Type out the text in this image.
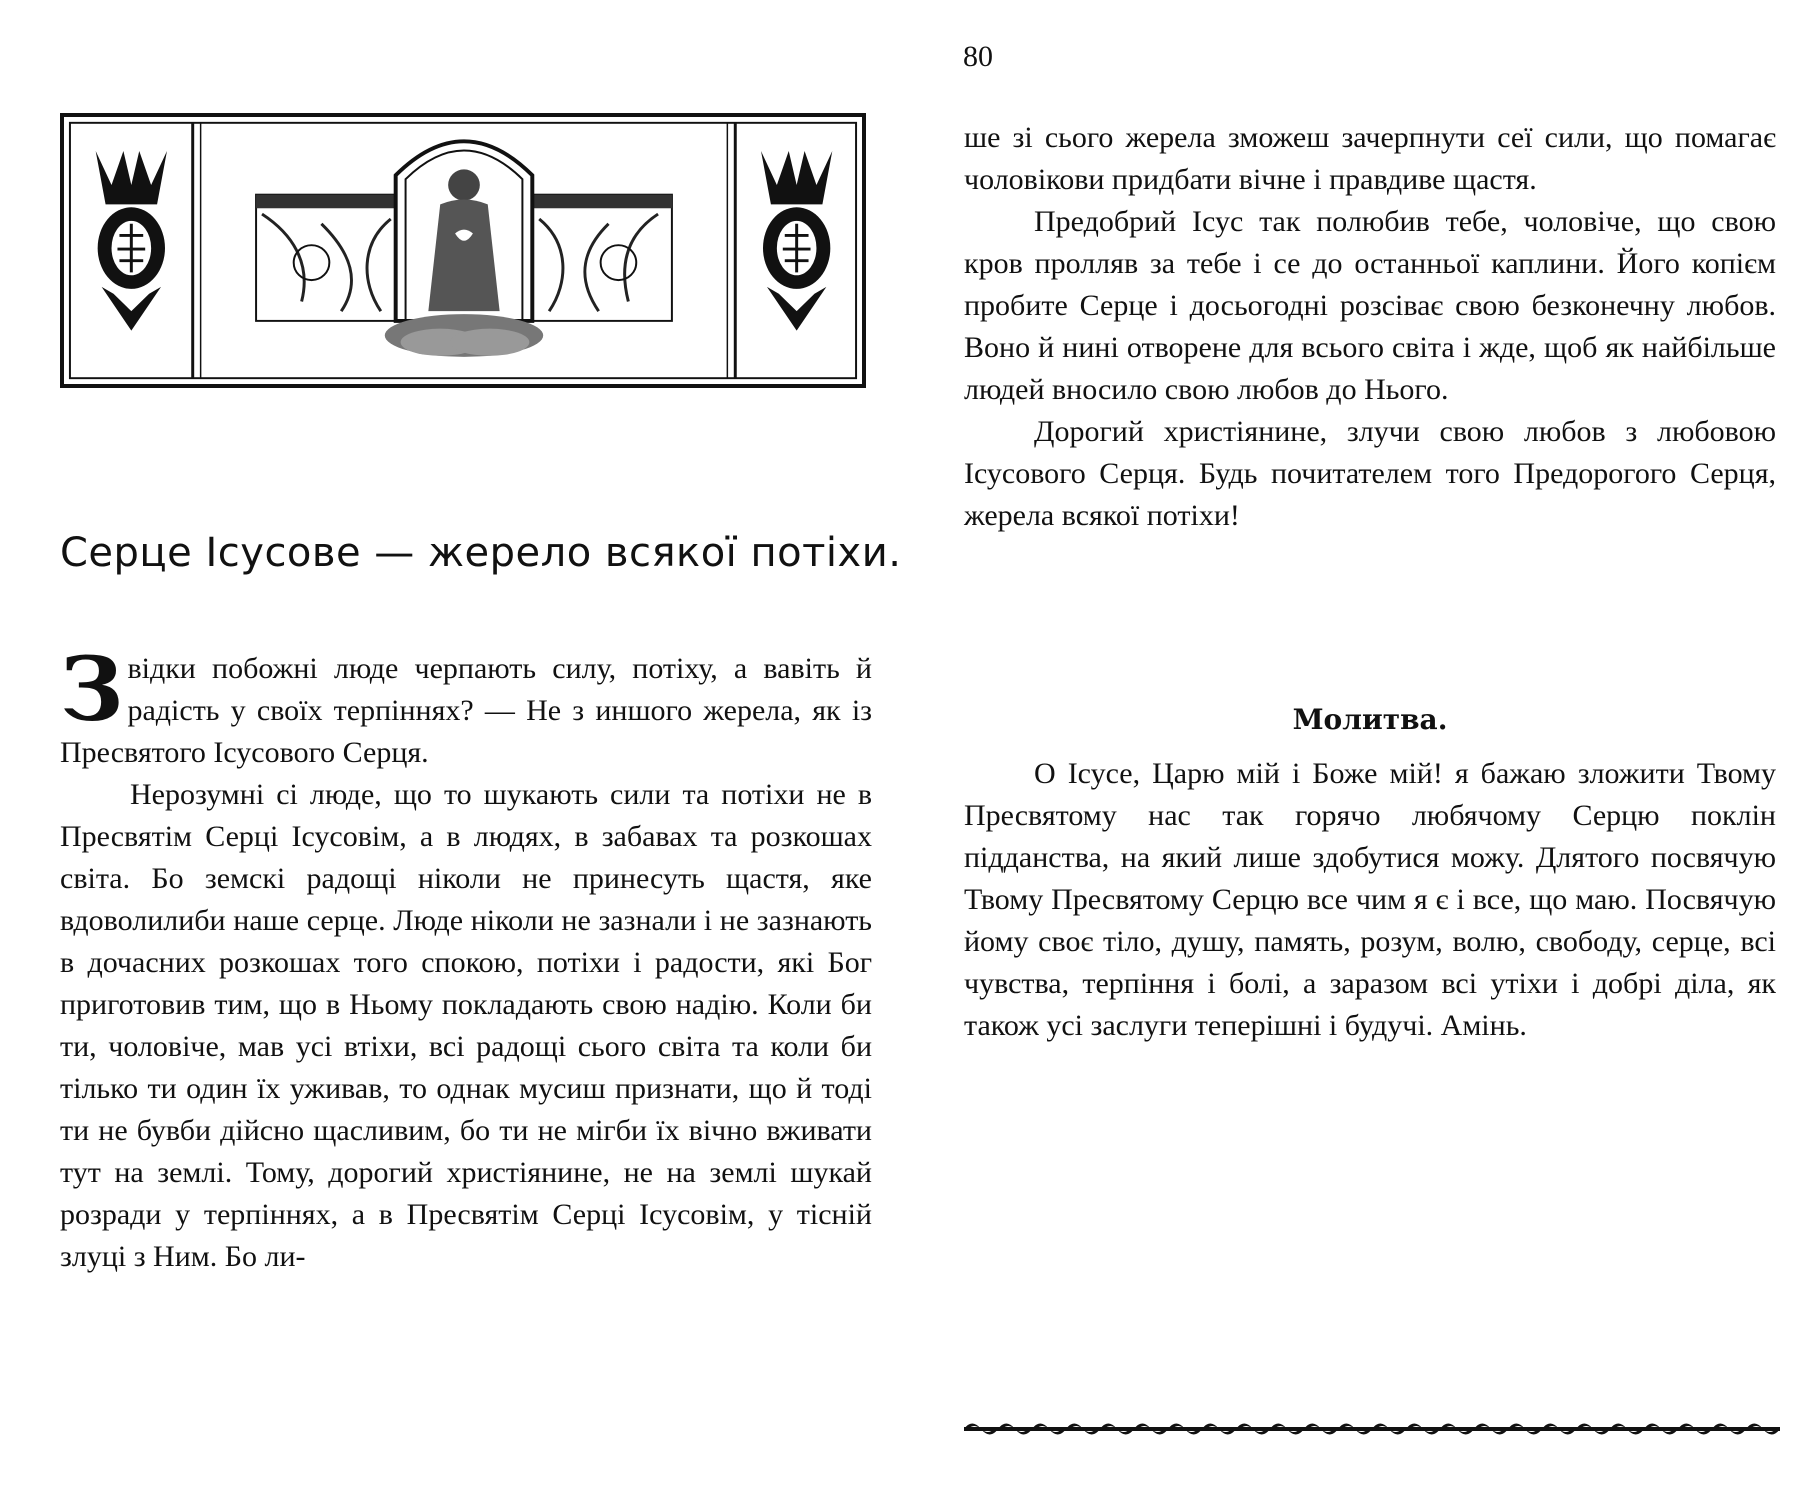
Серце Ісусове — жерело всякої потіхи.

Звідки побожні люде черпають силу, потіху, а вавіть й радість у своїх терпіннях? — Не з иншого жерела, як із Пресвятого Ісусового Серця.

Нерозумні сі люде, що то шукають сили та потіхи не в Пресвятім Серці Ісусовім, а в людях, в забавах та розкошах світа. Бо земскі радощі ніколи не принесуть щастя, яке вдоволилиби наше серце. Люде ніколи не зазнали і не зазнають в дочасних розкошах того спокою, потіхи і радости, які Бог приготовив тим, що в Ньому покладають свою надію. Коли би ти, чоловіче, мав усі втіхи, всі радощі сього світа та коли би тілько ти один їх уживав, то однак мусиш признати, що й тоді ти не бувби дійсно щасливим, бо ти не мігби їх вічно вживати тут на землі. Тому, дорогий христіянине, не на землі шукай розради у терпіннях, а в Пресвятім Серці Ісусовім, у тісній злуці з Ним. Бо ли-

80

ше зі сього жерела зможеш зачерпнути сеї сили, що помагає чоловікови придбати вічне і правдиве щастя.

Предобрий Ісус так полюбив тебе, чоловіче, що свою кров пролляв за тебе і се до останньої каплини. Його копієм пробите Серце і досьогодні розсіває свою безконечну любов. Воно й нині отворене для всього світа і жде, щоб як найбільше людей вносило свою любов до Нього.

Дорогий христіянине, злучи свою любов з любовою Ісусового Серця. Будь почитателем того Предорогого Серця, жерела всякої потіхи!

Молитва.

О Ісусе, Царю мій і Боже мій! я бажаю зложити Твому Пресвятому нас так горячо любячому Серцю поклін підданства, на який лише здобутися можу. Длятого посвячую Твому Пресвятому Серцю все чим я є і все, що маю. Посвячую йому своє тіло, душу, память, розум, волю, свободу, серце, всі чувства, терпіння і болі, а заразом всі утіхи і добрі діла, як також усі заслуги теперішні і будучі. Амінь.
